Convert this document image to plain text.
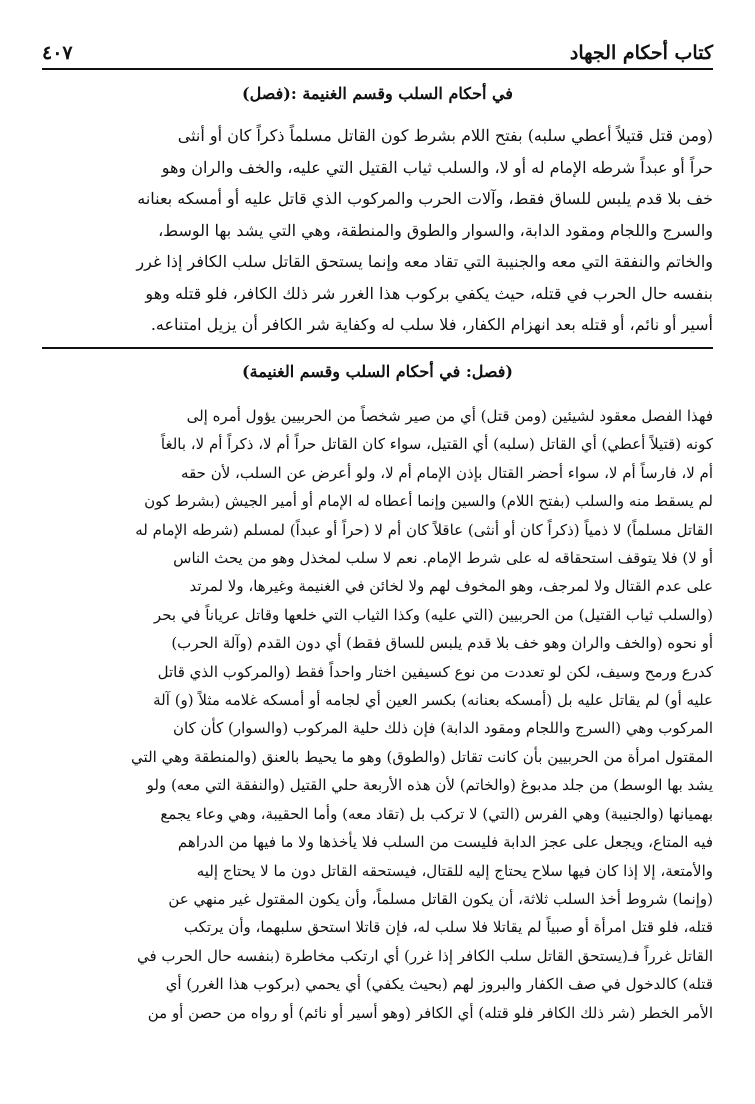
٤٠٧	كتاب أحكام الجهاد
(فصل): في أحكام السلب وقسم الغنيمة
(ومن قتل قتيلاً أعطي سلبه) بفتح اللام بشرط كون القاتل مسلماً ذكراً كان أو أنثى
حراً أو عبداً شرطه الإمام له أو لا، والسلب ثياب القتيل التي عليه، والخف والران وهو
خف بلا قدم يلبس للساق فقط، وآلات الحرب والمركوب الذي قاتل عليه أو أمسكه بعنانه
والسرج واللجام ومقود الدابة، والسوار والطوق والمنطقة، وهي التي يشد بها الوسط،
والخاتم والنفقة التي معه والجنيبة التي تقاد معه وإنما يستحق القاتل سلب الكافر إذا غرر
بنفسه حال الحرب في قتله، حيث يكفي بركوب هذا الغرر شر ذلك الكافر، فلو قتله وهو
أسير أو نائم، أو قتله بعد انهزام الكفار، فلا سلب له وكفاية شر الكافر أن يزيل امتناعه.
(فصل: في أحكام السلب وقسم الغنيمة)
فهذا الفصل معقود لشيئين (ومن قتل) أي من صير شخصاً من الحربيين يؤول أمره إلى
كونه (قتيلاً أعطي) أي القاتل (سلبه) أي القتيل، سواء كان القاتل حراً أم لا، ذكراً أم لا، بالغاً
أم لا، فارساً أم لا، سواء أحضر القتال بإذن الإمام أم لا، ولو أعرض عن السلب، لأن حقه
لم يسقط منه والسلب (بفتح اللام) والسين وإنما أعطاه له الإمام أو أمير الجيش (بشرط كون
القاتل مسلماً) لا ذمياً (ذكراً كان أو أنثى) عاقلاً كان أم لا (حراً أو عبداً) لمسلم (شرطه الإمام له
أو لا) فلا يتوقف استحقاقه له على شرط الإمام. نعم لا سلب لمخذل وهو من يحث الناس
على عدم القتال ولا لمرجف، وهو المخوف لهم ولا لخائن في الغنيمة وغيرها، ولا لمرتد
(والسلب ثياب القتيل) من الحربيين (التي عليه) وكذا الثياب التي خلعها وقاتل عرياناً في بحر
أو نحوه (والخف والران وهو خف بلا قدم يلبس للساق فقط) أي دون القدم (وآلة الحرب)
كدرع ورمح وسيف، لكن لو تعددت من نوع كسيفين اختار واحداً فقط (والمركوب الذي قاتل
عليه أو) لم يقاتل عليه بل (أمسكه بعنانه) بكسر العين أي لجامه أو أمسكه غلامه مثلاً (و) آلة
المركوب وهي (السرج واللجام ومقود الدابة) فإن ذلك حلية المركوب (والسوار) كأن كان
المقتول امرأة من الحربيين بأن كانت تقاتل (والطوق) وهو ما يحيط بالعنق (والمنطقة وهي التي
يشد بها الوسط) من جلد مدبوغ (والخاتم) لأن هذه الأربعة حلي القتيل (والنفقة التي معه) ولو
بهميانها (والجنيبة) وهي الفرس (التي) لا تركب بل (تقاد معه) وأما الحقيبة، وهي وعاء يجمع
فيه المتاع، ويجعل على عجز الدابة فليست من السلب فلا يأخذها ولا ما فيها من الدراهم
والأمتعة، إلا إذا كان فيها سلاح يحتاج إليه للقتال، فيستحقه القاتل دون ما لا يحتاج إليه
(وإنما) شروط أخذ السلب ثلاثة، أن يكون القاتل مسلماً، وأن يكون المقتول غير منهي عن
قتله، فلو قتل امرأة أو صبياً لم يقاتلا فلا سلب له، فإن قاتلا استحق سلبهما، وأن يرتكب
القاتل غرراً فـ(يستحق القاتل سلب الكافر إذا غرر) أي ارتكب مخاطرة (بنفسه حال الحرب في
قتله) كالدخول في صف الكفار والبروز لهم (بحيث يكفي) أي يحمي (بركوب هذا الغرر) أي
الأمر الخطر (شر ذلك الكافر فلو قتله) أي الكافر (وهو أسير أو نائم) أو رواه من حصن أو من
